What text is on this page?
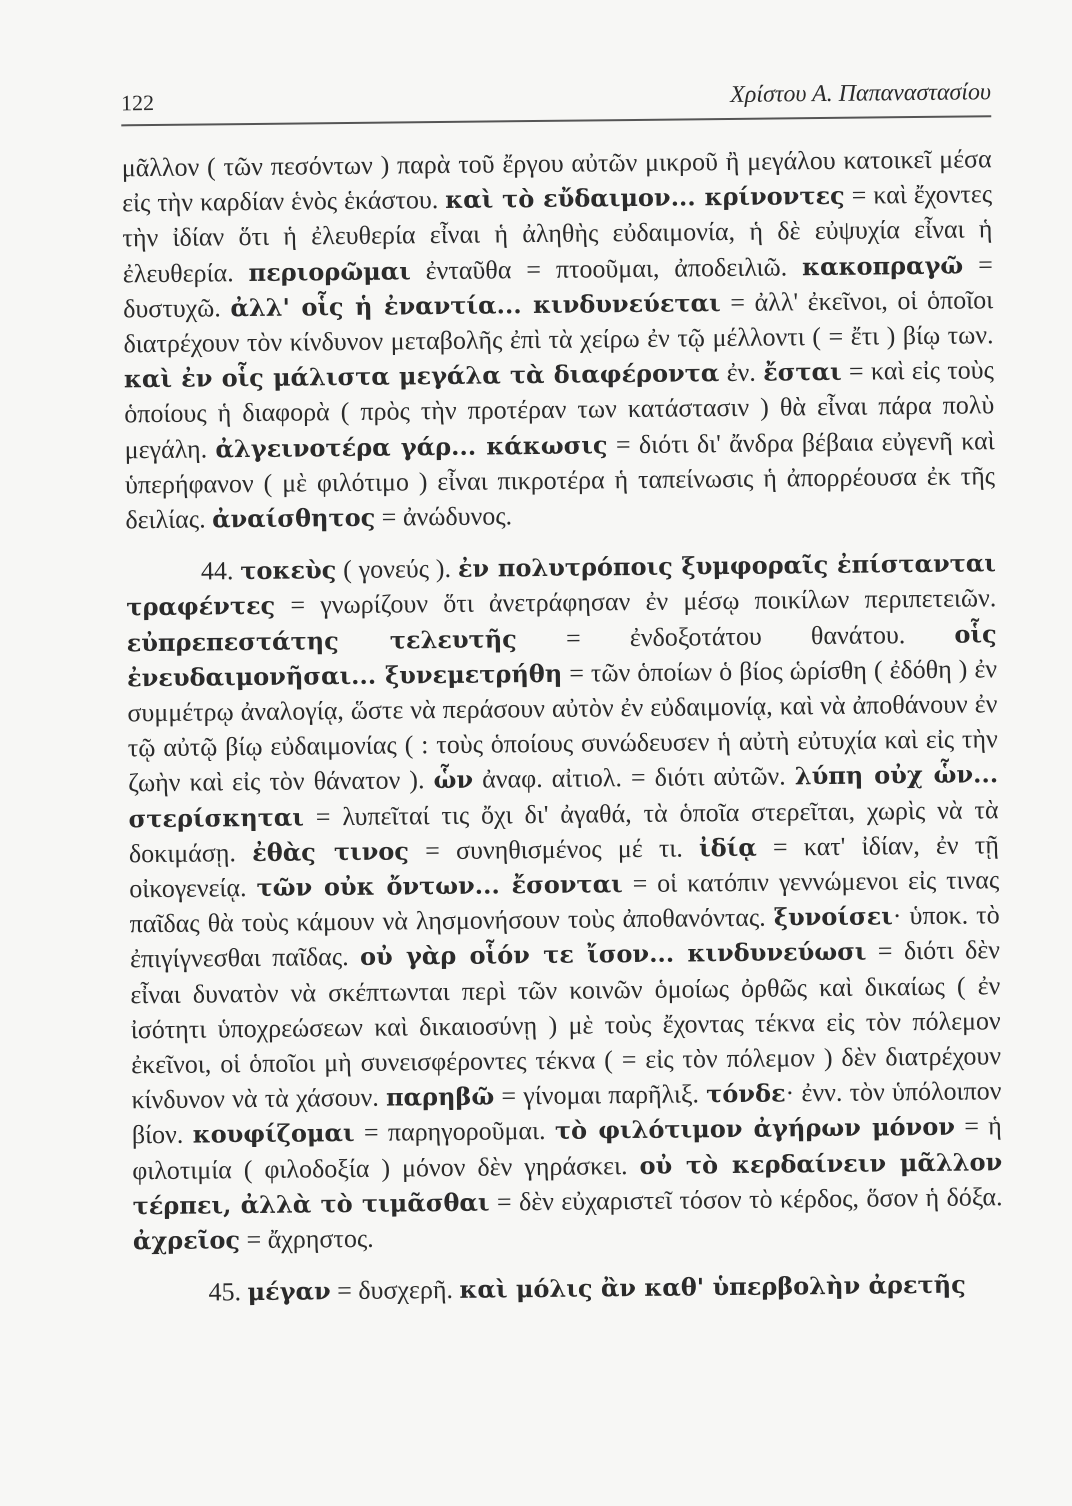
122	Χρίστου Α. Παπαναστασίου

μᾶλλον ( τῶν πεσόντων ) παρὰ τοῦ ἔργου αὐτῶν μικροῦ ἢ μεγάλου κατοικεῖ μέσα εἰς τὴν καρδίαν ἑνὸς ἑκάστου. καὶ τὸ εὔδαιμον... κρίνοντες = καὶ ἔχοντες τὴν ἰδίαν ὅτι ἡ ἐλευθερία εἶναι ἡ ἀληθὴς εὐδαιμονία, ἡ δὲ εὐψυχία εἶναι ἡ ἐλευθερία. περιορῶμαι ἐνταῦθα = πτοοῦμαι, ἀποδειλιῶ. κακοπραγῶ = δυστυχῶ. ἀλλ' οἷς ἡ ἐναντία... κινδυνεύεται = ἀλλ' ἐκεῖνοι, οἱ ὁποῖοι διατρέχουν τὸν κίνδυνον μεταβολῆς ἐπὶ τὰ χείρω ἐν τῷ μέλλοντι ( = ἔτι ) βίῳ των. καὶ ἐν οἷς μάλιστα μεγάλα τὰ διαφέροντα ἐν. ἔσται = καὶ εἰς τοὺς ὁποίους ἡ διαφορὰ ( πρὸς τὴν προτέραν των κατάστασιν ) θὰ εἶναι πάρα πολὺ μεγάλη. ἀλγεινοτέρα γάρ... κάκωσις = διότι δι' ἄνδρα βέβαια εὐγενῆ καὶ ὑπερήφανον ( μὲ φιλότιμο ) εἶναι πικροτέρα ἡ ταπείνωσις ἡ ἀπορρέουσα ἐκ τῆς δειλίας. ἀναίσθητος = ἀνώδυνος.

44. τοκεὺς ( γονεύς ). ἐν πολυτρόποις ξυμφοραῖς ἐπίστανται τραφέντες = γνωρίζουν ὅτι ἀνετράφησαν ἐν μέσῳ ποικίλων περιπετειῶν. εὐπρεπεστάτης τελευτῆς = ἐνδοξοτάτου θανάτου. οἷς ἐνευδαιμονῆσαι... ξυνεμετρήθη = τῶν ὁποίων ὁ βίος ὡρίσθη ( ἐδόθη ) ἐν συμμέτρῳ ἀναλογίᾳ, ὥστε νὰ περάσουν αὐτὸν ἐν εὐδαιμονίᾳ, καὶ νὰ ἀποθάνουν ἐν τῷ αὐτῷ βίῳ εὐδαιμονίας ( : τοὺς ὁποίους συνώδευσεν ἡ αὐτὴ εὐτυχία καὶ εἰς τὴν ζωὴν καὶ εἰς τὸν θάνατον ). ὧν ἀναφ. αἰτιολ. = διότι αὐτῶν. λύπη οὐχ ὧν... στερίσκηται = λυπεῖταί τις ὄχι δι' ἀγαθά, τὰ ὁποῖα στερεῖται, χωρὶς νὰ τὰ δοκιμάσῃ. ἐθὰς τινος = συνηθισμένος μέ τι. ἰδίᾳ = κατ' ἰδίαν, ἐν τῇ οἰκογενείᾳ. τῶν οὐκ ὄντων... ἔσονται = οἱ κατόπιν γεννώμενοι εἰς τινας παῖδας θὰ τοὺς κάμουν νὰ λησμονήσουν τοὺς ἀποθανόντας. ξυνοίσει· ὑποκ. τὸ ἐπιγίγνεσθαι παῖδας. οὐ γὰρ οἷόν τε ἴσον... κινδυνεύωσι = διότι δὲν εἶναι δυνατὸν νὰ σκέπτωνται περὶ τῶν κοινῶν ὁμοίως ὀρθῶς καὶ δικαίως ( ἐν ἰσότητι ὑποχρεώσεων καὶ δικαιοσύνῃ ) μὲ τοὺς ἔχοντας τέκνα εἰς τὸν πόλεμον ἐκεῖνοι, οἱ ὁποῖοι μὴ συνεισφέροντες τέκνα ( = εἰς τὸν πόλεμον ) δὲν διατρέχουν κίνδυνον νὰ τὰ χάσουν. παρηβῶ = γίνομαι παρῆλιξ. τόνδε· ἐνν. τὸν ὑπόλοιπον βίον. κουφίζομαι = παρηγοροῦμαι. τὸ φιλότιμον ἀγήρων μόνον = ἡ φιλοτιμία ( φιλοδοξία ) μόνον δὲν γηράσκει. οὐ τὸ κερδαίνειν μᾶλλον τέρπει, ἀλλὰ τὸ τιμᾶσθαι = δὲν εὐχαριστεῖ τόσον τὸ κέρδος, ὅσον ἡ δόξα. ἀχρεῖος = ἄχρηστος.

45. μέγαν = δυσχερῆ. καὶ μόλις ἂν καθ' ὑπερβολὴν ἀρετῆς
